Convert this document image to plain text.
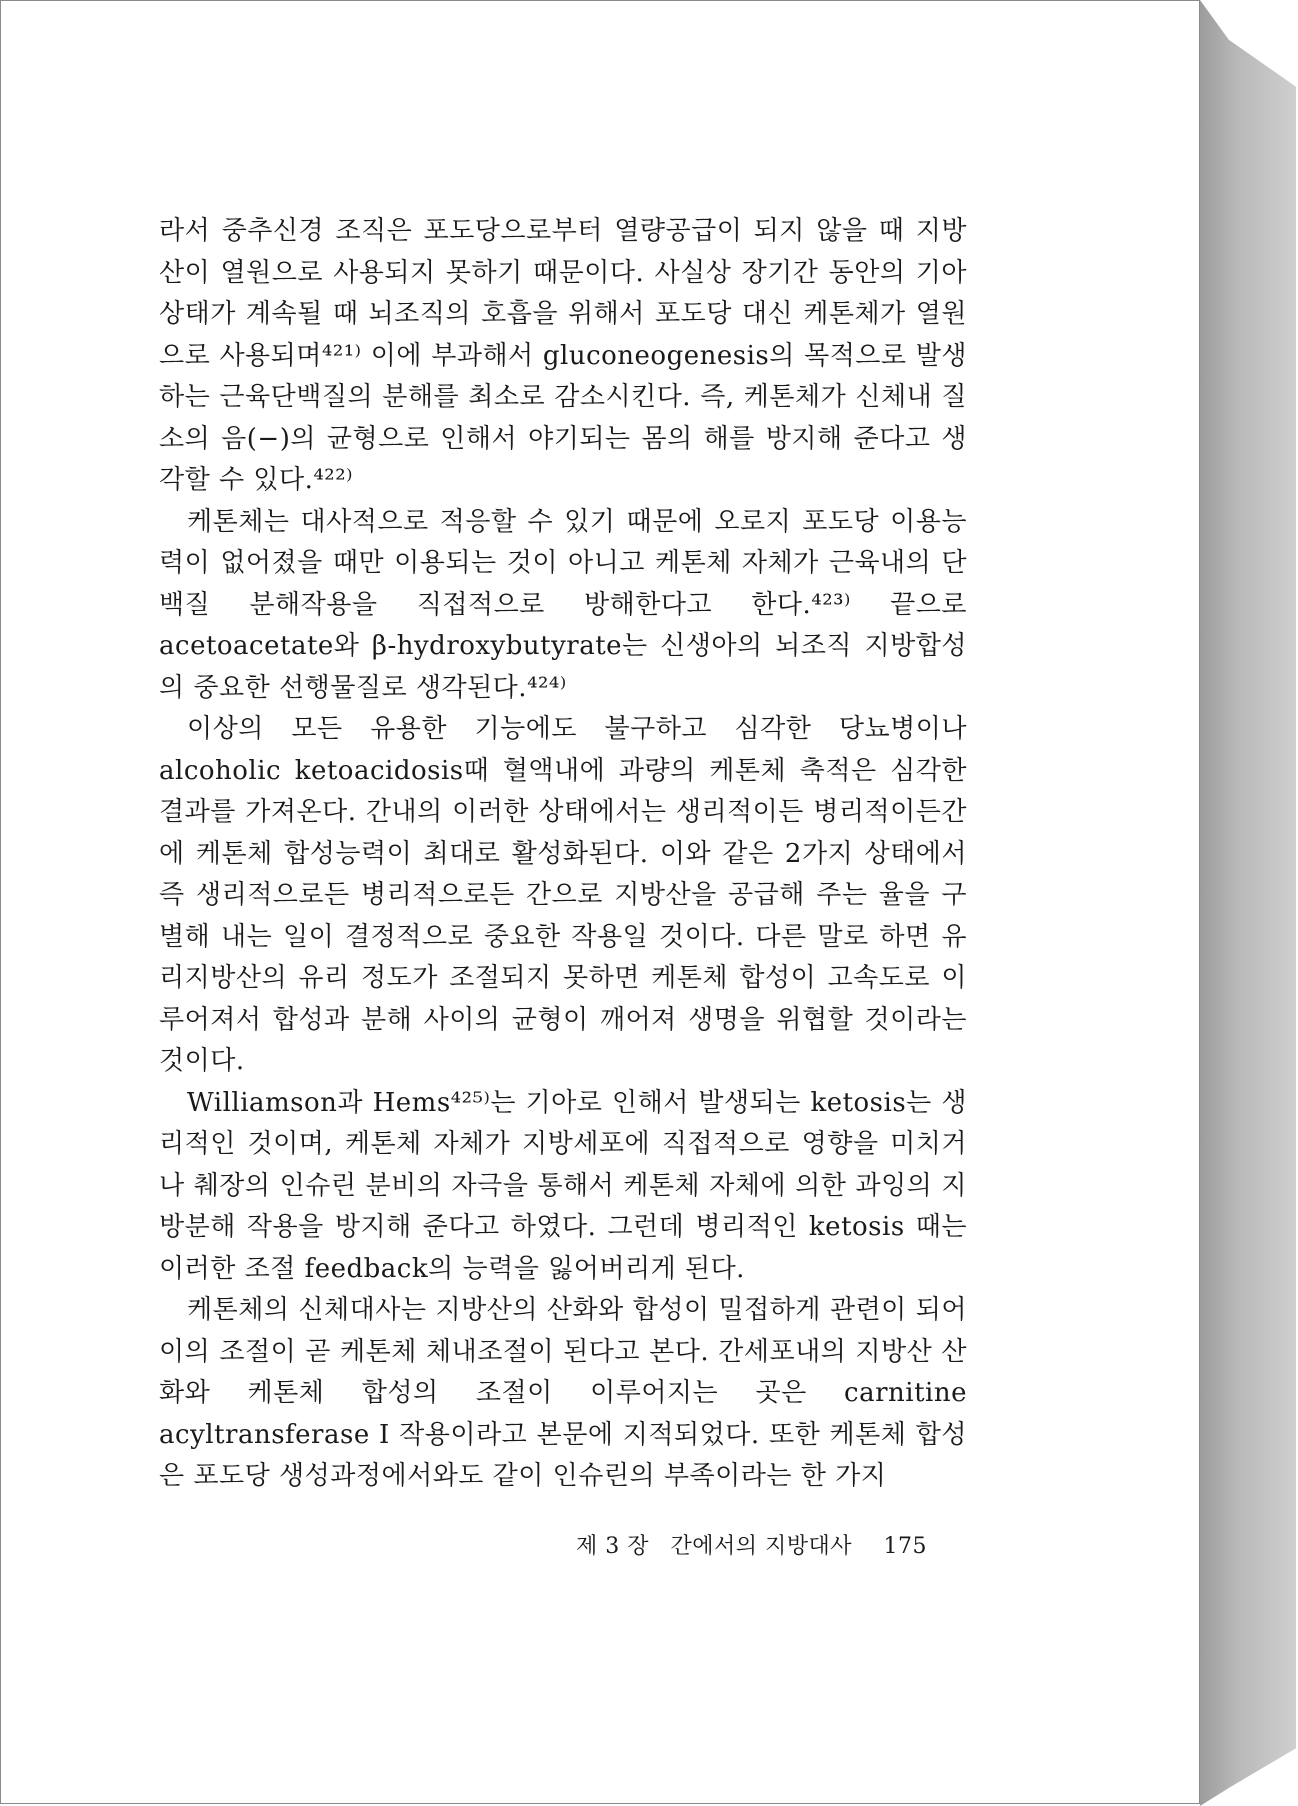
라서 중추신경 조직은 포도당으로부터 열량공급이 되지 않을 때 지방산이 열원으로 사용되지 못하기 때문이다. 사실상 장기간 동안의 기아상태가 계속될 때 뇌조직의 호흡을 위해서 포도당 대신 케톤체가 열원으로 사용되며⁴²¹⁾ 이에 부과해서 gluconeogenesis의 목적으로 발생하는 근육단백질의 분해를 최소로 감소시킨다. 즉, 케톤체가 신체내 질소의 음(−)의 균형으로 인해서 야기되는 몸의 해를 방지해 준다고 생각할 수 있다.⁴²²⁾

케톤체는 대사적으로 적응할 수 있기 때문에 오로지 포도당 이용능력이 없어졌을 때만 이용되는 것이 아니고 케톤체 자체가 근육내의 단백질 분해작용을 직접적으로 방해한다고 한다.⁴²³⁾ 끝으로 acetoacetate와 β-hydroxybutyrate는 신생아의 뇌조직 지방합성의 중요한 선행물질로 생각된다.⁴²⁴⁾

이상의 모든 유용한 기능에도 불구하고 심각한 당뇨병이나 alcoholic ketoacidosis때 혈액내에 과량의 케톤체 축적은 심각한 결과를 가져온다. 간내의 이러한 상태에서는 생리적이든 병리적이든간에 케톤체 합성능력이 최대로 활성화된다. 이와 같은 2가지 상태에서 즉 생리적으로든 병리적으로든 간으로 지방산을 공급해 주는 율을 구별해 내는 일이 결정적으로 중요한 작용일 것이다. 다른 말로 하면 유리지방산의 유리 정도가 조절되지 못하면 케톤체 합성이 고속도로 이루어져서 합성과 분해 사이의 균형이 깨어져 생명을 위협할 것이라는 것이다.

Williamson과 Hems⁴²⁵⁾는 기아로 인해서 발생되는 ketosis는 생리적인 것이며, 케톤체 자체가 지방세포에 직접적으로 영향을 미치거나 췌장의 인슈린 분비의 자극을 통해서 케톤체 자체에 의한 과잉의 지방분해 작용을 방지해 준다고 하였다. 그런데 병리적인 ketosis 때는 이러한 조절 feedback의 능력을 잃어버리게 된다.

케톤체의 신체대사는 지방산의 산화와 합성이 밀접하게 관련이 되어 이의 조절이 곧 케톤체 체내조절이 된다고 본다. 간세포내의 지방산 산화와 케톤체 합성의 조절이 이루어지는 곳은 carnitine acyltransferase I 작용이라고 본문에 지적되었다. 또한 케톤체 합성은 포도당 생성과정에서와도 같이 인슈린의 부족이라는 한 가지

제 3 장 간에서의 지방대사 175
